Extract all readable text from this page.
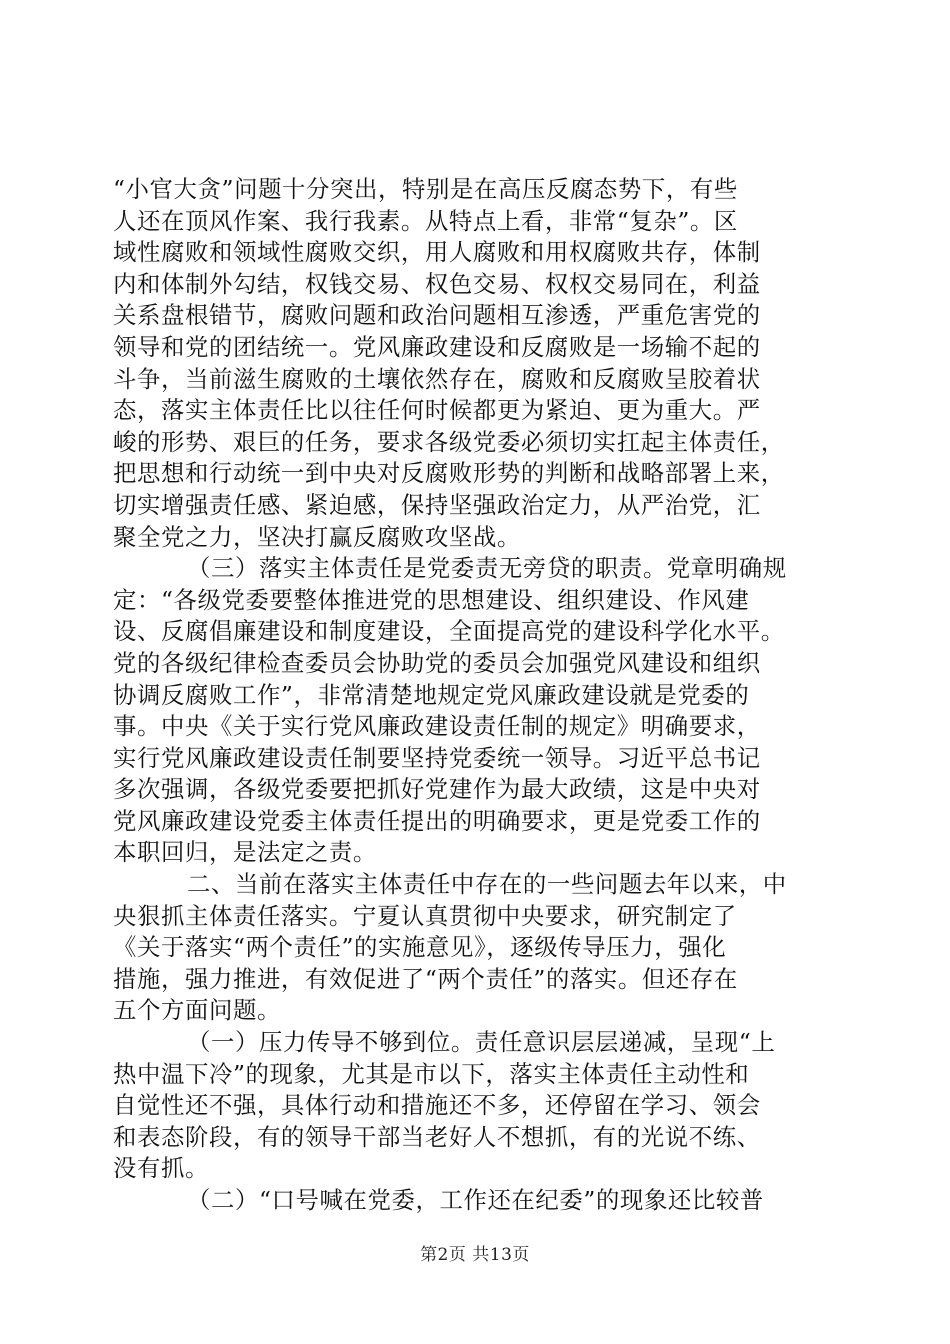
“小官大贪”问题十分突出，特别是在高压反腐态势下，有些
人还在顶风作案、我行我素。从特点上看，非常“复杂”。区
域性腐败和领域性腐败交织，用人腐败和用权腐败共存，体制
内和体制外勾结，权钱交易、权色交易、权权交易同在，利益
关系盘根错节，腐败问题和政治问题相互渗透，严重危害党的
领导和党的团结统一。党风廉政建设和反腐败是一场输不起的
斗争，当前滋生腐败的土壤依然存在，腐败和反腐败呈胶着状
态，落实主体责任比以往任何时候都更为紧迫、更为重大。严
峻的形势、艰巨的任务，要求各级党委必须切实扛起主体责任，
把思想和行动统一到中央对反腐败形势的判断和战略部署上来，
切实增强责任感、紧迫感，保持坚强政治定力，从严治党，汇
聚全党之力，坚决打赢反腐败攻坚战。
（三）落实主体责任是党委责无旁贷的职责。党章明确规
定：“各级党委要整体推进党的思想建设、组织建设、作风建
设、反腐倡廉建设和制度建设，全面提高党的建设科学化水平。
党的各级纪律检查委员会协助党的委员会加强党风建设和组织
协调反腐败工作”，非常清楚地规定党风廉政建设就是党委的
事。中央《关于实行党风廉政建设责任制的规定》明确要求，
实行党风廉政建设责任制要坚持党委统一领导。习近平总书记
多次强调，各级党委要把抓好党建作为最大政绩，这是中央对
党风廉政建设党委主体责任提出的明确要求，更是党委工作的
本职回归，是法定之责。
二、当前在落实主体责任中存在的一些问题去年以来，中
央狠抓主体责任落实。宁夏认真贯彻中央要求，研究制定了
《关于落实“两个责任”的实施意见》，逐级传导压力，强化
措施，强力推进，有效促进了“两个责任”的落实。但还存在
五个方面问题。
（一）压力传导不够到位。责任意识层层递减，呈现“上
热中温下冷”的现象，尤其是市以下，落实主体责任主动性和
自觉性还不强，具体行动和措施还不多，还停留在学习、领会
和表态阶段，有的领导干部当老好人不想抓，有的光说不练、
没有抓。
（二）“口号喊在党委，工作还在纪委”的现象还比较普
第2页 共13页
